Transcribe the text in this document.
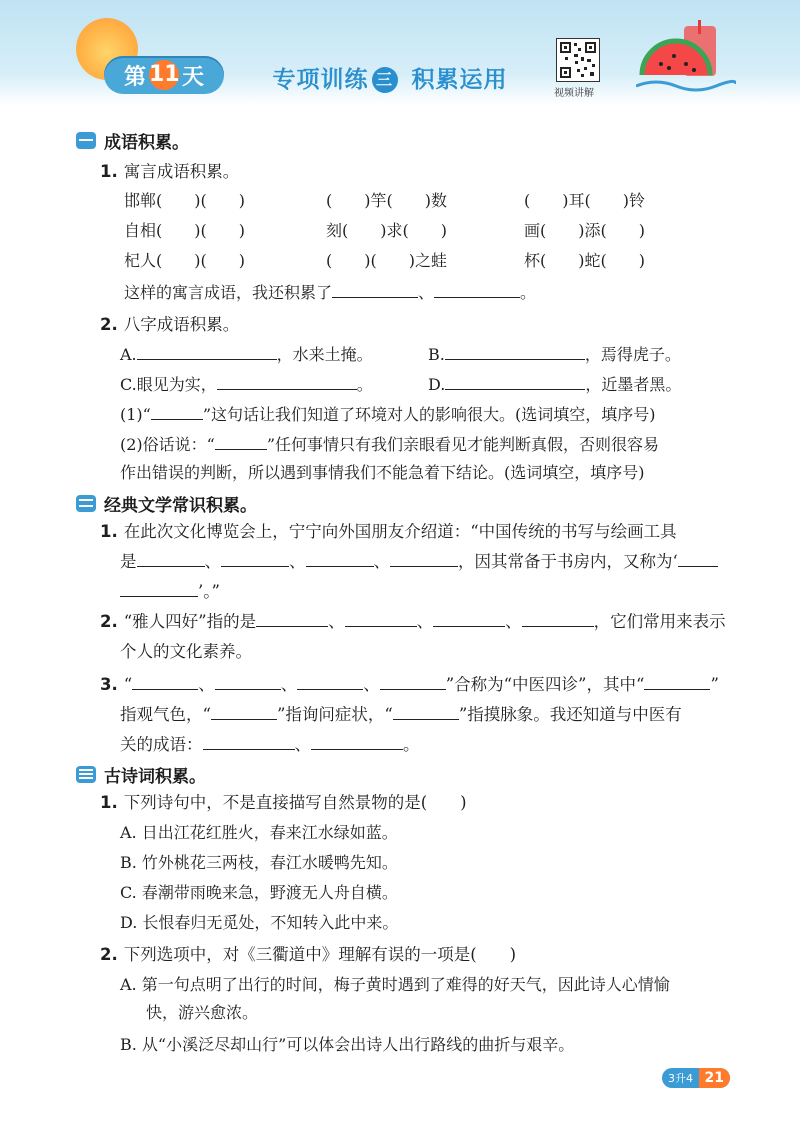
第 11 天	专项训练 三 积累运用
视频讲解
成语积累。
1. 寓言成语积累。
邯郸(　　)(　　)	(　　)竽(　　)数	(　　)耳(　　)铃
自相(　　)(　　)	刻(　　)求(　　)	画(　　)添(　　)
杞人(　　)(　　)	(　　)(　　)之蛙	杯(　　)蛇(　　)
这样的寓言成语，我还积累了	、	。
2. 八字成语积累。
A.	，水来土掩。	B.	，焉得虎子。
C.眼见为实，	。	D.	，近墨者黑。
(1)“	”这句话让我们知道了环境对人的影响很大。(选词填空，填序号)
(2)俗话说：“	”任何事情只有我们亲眼看见才能判断真假，否则很容易
作出错误的判断，所以遇到事情我们不能急着下结论。(选词填空，填序号)
经典文学常识积累。
1. 在此次文化博览会上，宁宁向外国朋友介绍道：“中国传统的书写与绘画工具
是	、	、	、	，因其常备于书房内，又称为‘
’。”
2. “雅人四好”指的是	、	、	、	，它们常用来表示
个人的文化素养。
3. “	、	、	、	”合称为“中医四诊”，其中“	”
指观气色，“	”指询问症状，“	”指摸脉象。我还知道与中医有
关的成语：	、	。
古诗词积累。
1. 下列诗句中，不是直接描写自然景物的是(　　)
A. 日出江花红胜火，春来江水绿如蓝。
B. 竹外桃花三两枝，春江水暖鸭先知。
C. 春潮带雨晚来急，野渡无人舟自横。
D. 长恨春归无觅处，不知转入此中来。
2. 下列选项中，对《三衢道中》理解有误的一项是(　　)
A. 第一句点明了出行的时间，梅子黄时遇到了难得的好天气，因此诗人心情愉
快，游兴愈浓。
B. 从“小溪泛尽却山行”可以体会出诗人出行路线的曲折与艰辛。
3升4 21
